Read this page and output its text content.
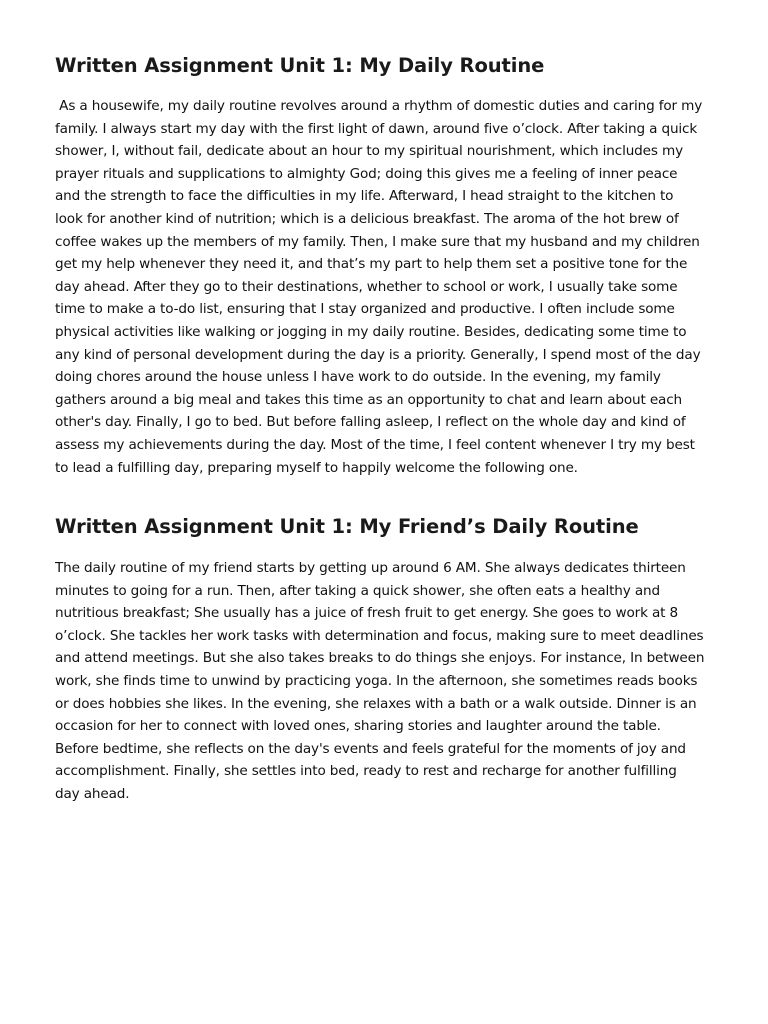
Written Assignment Unit 1: My Daily Routine

As a housewife, my daily routine revolves around a rhythm of domestic duties and caring for my family. I always start my day with the first light of dawn, around five o’clock. After taking a quick shower, I, without fail, dedicate about an hour to my spiritual nourishment, which includes my prayer rituals and supplications to almighty God; doing this gives me a feeling of inner peace and the strength to face the difficulties in my life. Afterward, I head straight to the kitchen to look for another kind of nutrition; which is a delicious breakfast. The aroma of the hot brew of coffee wakes up the members of my family. Then, I make sure that my husband and my children get my help whenever they need it, and that’s my part to help them set a positive tone for the day ahead. After they go to their destinations, whether to school or work, I usually take some time to make a to-do list, ensuring that I stay organized and productive. I often include some physical activities like walking or jogging in my daily routine. Besides, dedicating some time to any kind of personal development during the day is a priority. Generally, I spend most of the day doing chores around the house unless I have work to do outside. In the evening, my family gathers around a big meal and takes this time as an opportunity to chat and learn about each other's day. Finally, I go to bed. But before falling asleep, I reflect on the whole day and kind of assess my achievements during the day. Most of the time, I feel content whenever I try my best to lead a fulfilling day, preparing myself to happily welcome the following one.

Written Assignment Unit 1: My Friend’s Daily Routine

The daily routine of my friend starts by getting up around 6 AM. She always dedicates thirteen minutes to going for a run. Then, after taking a quick shower, she often eats a healthy and nutritious breakfast; She usually has a juice of fresh fruit to get energy. She goes to work at 8 o’clock. She tackles her work tasks with determination and focus, making sure to meet deadlines and attend meetings. But she also takes breaks to do things she enjoys. For instance, In between work, she finds time to unwind by practicing yoga. In the afternoon, she sometimes reads books or does hobbies she likes. In the evening, she relaxes with a bath or a walk outside. Dinner is an occasion for her to connect with loved ones, sharing stories and laughter around the table. Before bedtime, she reflects on the day's events and feels grateful for the moments of joy and accomplishment. Finally, she settles into bed, ready to rest and recharge for another fulfilling day ahead.
